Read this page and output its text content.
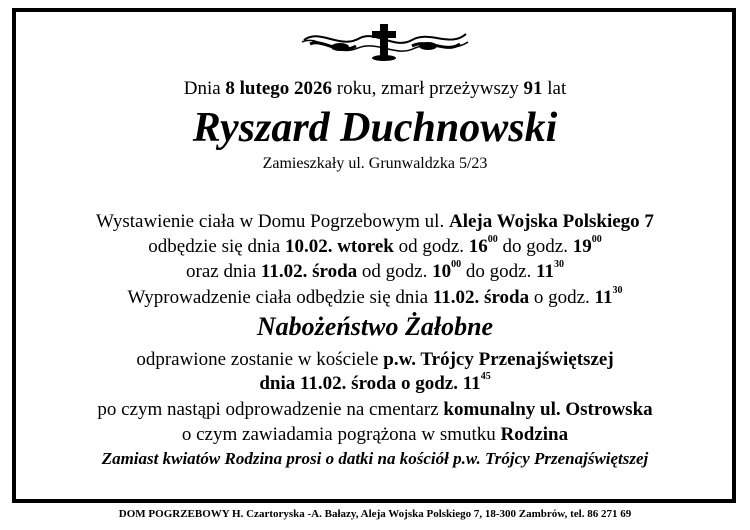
Dnia 8 lutego 2026 roku, zmarł przeżywszy 91 lat
Ryszard Duchnowski
Zamieszkały ul. Grunwaldzka 5/23
Wystawienie ciała w Domu Pogrzebowym ul. Aleja Wojska Polskiego 7
odbędzie się dnia 10.02. wtorek od godz. $16^{00}$ do godz. $19^{00}$
oraz dnia 11.02. środa od godz. $10^{00}$ do godz. $11^{30}$
Wyprowadzenie ciała odbędzie się dnia 11.02. środa o godz. $11^{30}$
Nabożeństwo Żałobne
odprawione zostanie w kościele p.w. Trójcy Przenajświętszej
dnia 11.02. środa o godz. $11^{45}$
po czym nastąpi odprowadzenie na cmentarz komunalny ul. Ostrowska
o czym zawiadamia pogrążona w smutku Rodzina
Zamiast kwiatów Rodzina prosi o datki na kościół p.w. Trójcy Przenajświętszej
DOM POGRZEBOWY H. Czartoryska -A. Bałazy, Aleja Wojska Polskiego 7, 18-300 Zambrów, tel. 86 271 69
